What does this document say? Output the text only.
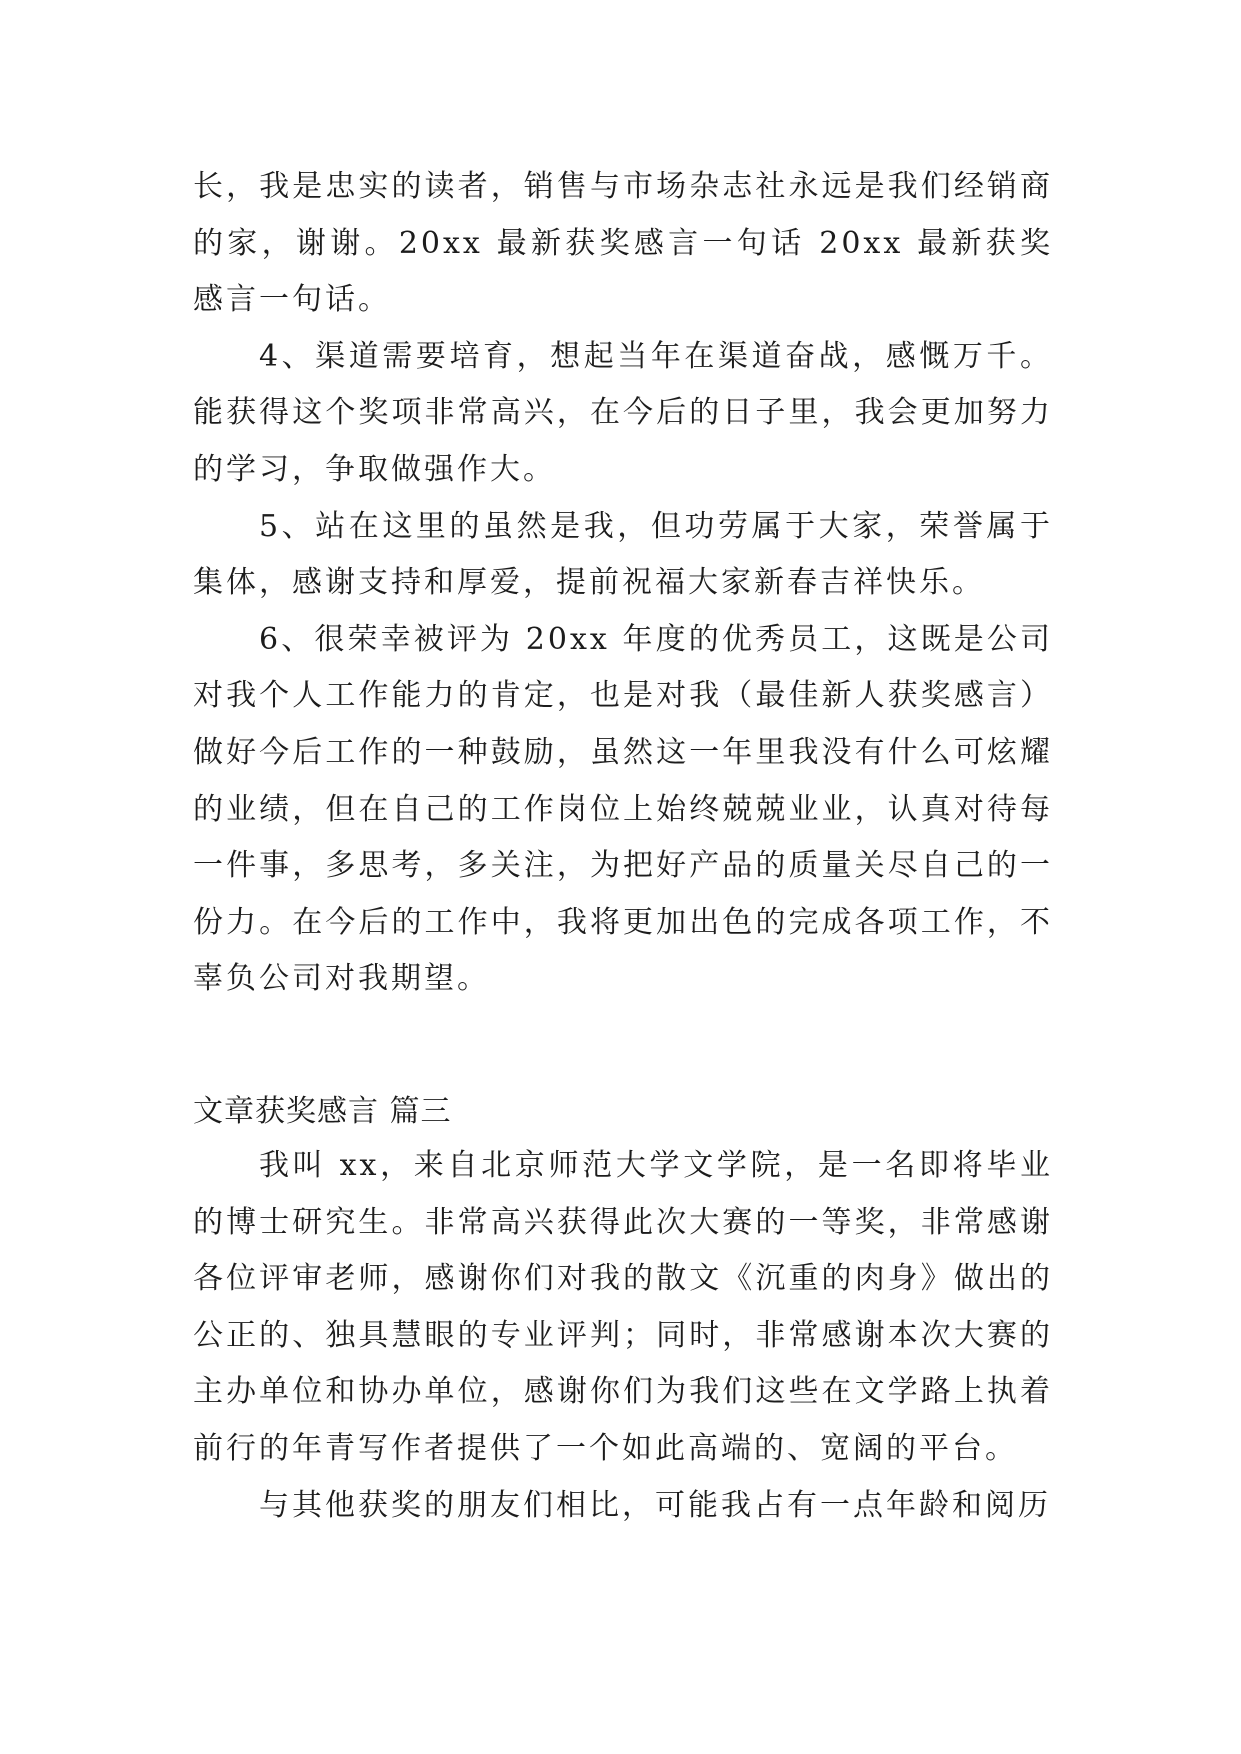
长，我是忠实的读者，销售与市场杂志社永远是我们经销商的家，谢谢。20xx 最新获奖感言一句话 20xx 最新获奖感言一句话。

4、渠道需要培育，想起当年在渠道奋战，感慨万千。能获得这个奖项非常高兴，在今后的日子里，我会更加努力的学习，争取做强作大。

5、站在这里的虽然是我，但功劳属于大家，荣誉属于集体，感谢支持和厚爱，提前祝福大家新春吉祥快乐。

6、很荣幸被评为 20xx 年度的优秀员工，这既是公司对我个人工作能力的肯定，也是对我（最佳新人获奖感言）做好今后工作的一种鼓励，虽然这一年里我没有什么可炫耀的业绩，但在自己的工作岗位上始终兢兢业业，认真对待每一件事，多思考，多关注，为把好产品的质量关尽自己的一份力。在今后的工作中，我将更加出色的完成各项工作，不辜负公司对我期望。

文章获奖感言 篇三

我叫 xx，来自北京师范大学文学院，是一名即将毕业的博士研究生。非常高兴获得此次大赛的一等奖，非常感谢各位评审老师，感谢你们对我的散文《沉重的肉身》做出的公正的、独具慧眼的专业评判；同时，非常感谢本次大赛的主办单位和协办单位，感谢你们为我们这些在文学路上执着前行的年青写作者提供了一个如此高端的、宽阔的平台。

与其他获奖的朋友们相比，可能我占有一点年龄和阅历
